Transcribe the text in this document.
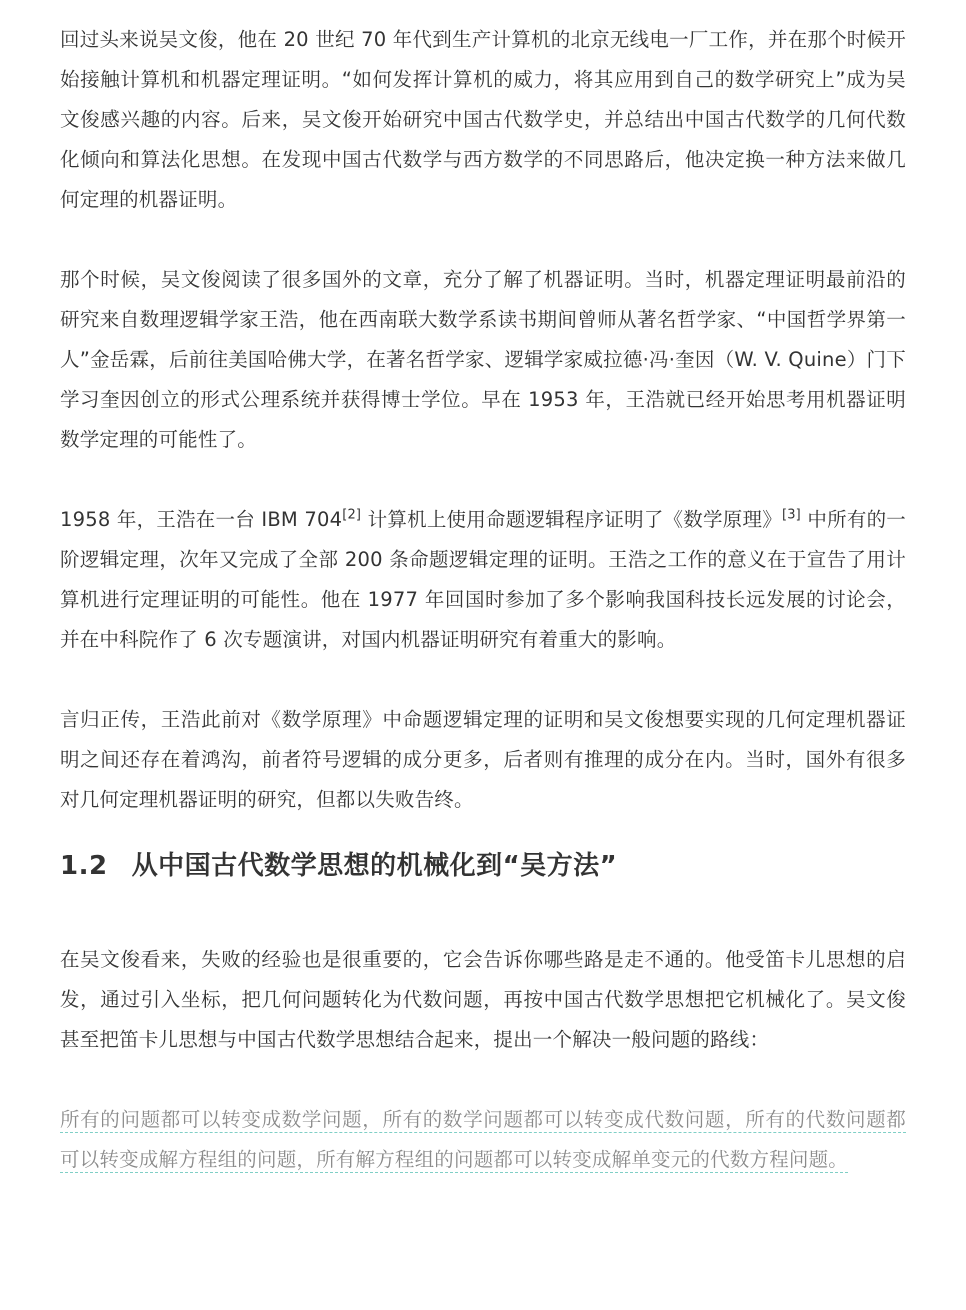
回过头来说吴文俊，他在 20 世纪 70 年代到生产计算机的北京无线电一厂工作，并在那个时候开始接触计算机和机器定理证明。“如何发挥计算机的威力，将其应用到自己的数学研究上”成为吴文俊感兴趣的内容。后来，吴文俊开始研究中国古代数学史，并总结出中国古代数学的几何代数化倾向和算法化思想。在发现中国古代数学与西方数学的不同思路后，他决定换一种方法来做几何定理的机器证明。

那个时候，吴文俊阅读了很多国外的文章，充分了解了机器证明。当时，机器定理证明最前沿的研究来自数理逻辑学家王浩，他在西南联大数学系读书期间曾师从著名哲学家、“中国哲学界第一人”金岳霖，后前往美国哈佛大学，在著名哲学家、逻辑学家威拉德·冯·奎因（W. V. Quine）门下学习奎因创立的形式公理系统并获得博士学位。早在 1953 年，王浩就已经开始思考用机器证明数学定理的可能性了。

1958 年，王浩在一台 IBM 704[2] 计算机上使用命题逻辑程序证明了《数学原理》[3] 中所有的一阶逻辑定理，次年又完成了全部 200 条命题逻辑定理的证明。王浩之工作的意义在于宣告了用计算机进行定理证明的可能性。他在 1977 年回国时参加了多个影响我国科技长远发展的讨论会，并在中科院作了 6 次专题演讲，对国内机器证明研究有着重大的影响。

言归正传，王浩此前对《数学原理》中命题逻辑定理的证明和吴文俊想要实现的几何定理机器证明之间还存在着鸿沟，前者符号逻辑的成分更多，后者则有推理的成分在内。当时，国外有很多对几何定理机器证明的研究，但都以失败告终。

1.2 从中国古代数学思想的机械化到“吴方法”

在吴文俊看来，失败的经验也是很重要的，它会告诉你哪些路是走不通的。他受笛卡儿思想的启发，通过引入坐标，把几何问题转化为代数问题，再按中国古代数学思想把它机械化了。吴文俊甚至把笛卡儿思想与中国古代数学思想结合起来，提出一个解决一般问题的路线：

所有的问题都可以转变成数学问题，所有的数学问题都可以转变成代数问题，所有的代数问题都可以转变成解方程组的问题，所有解方程组的问题都可以转变成解单变元的代数方程问题。
